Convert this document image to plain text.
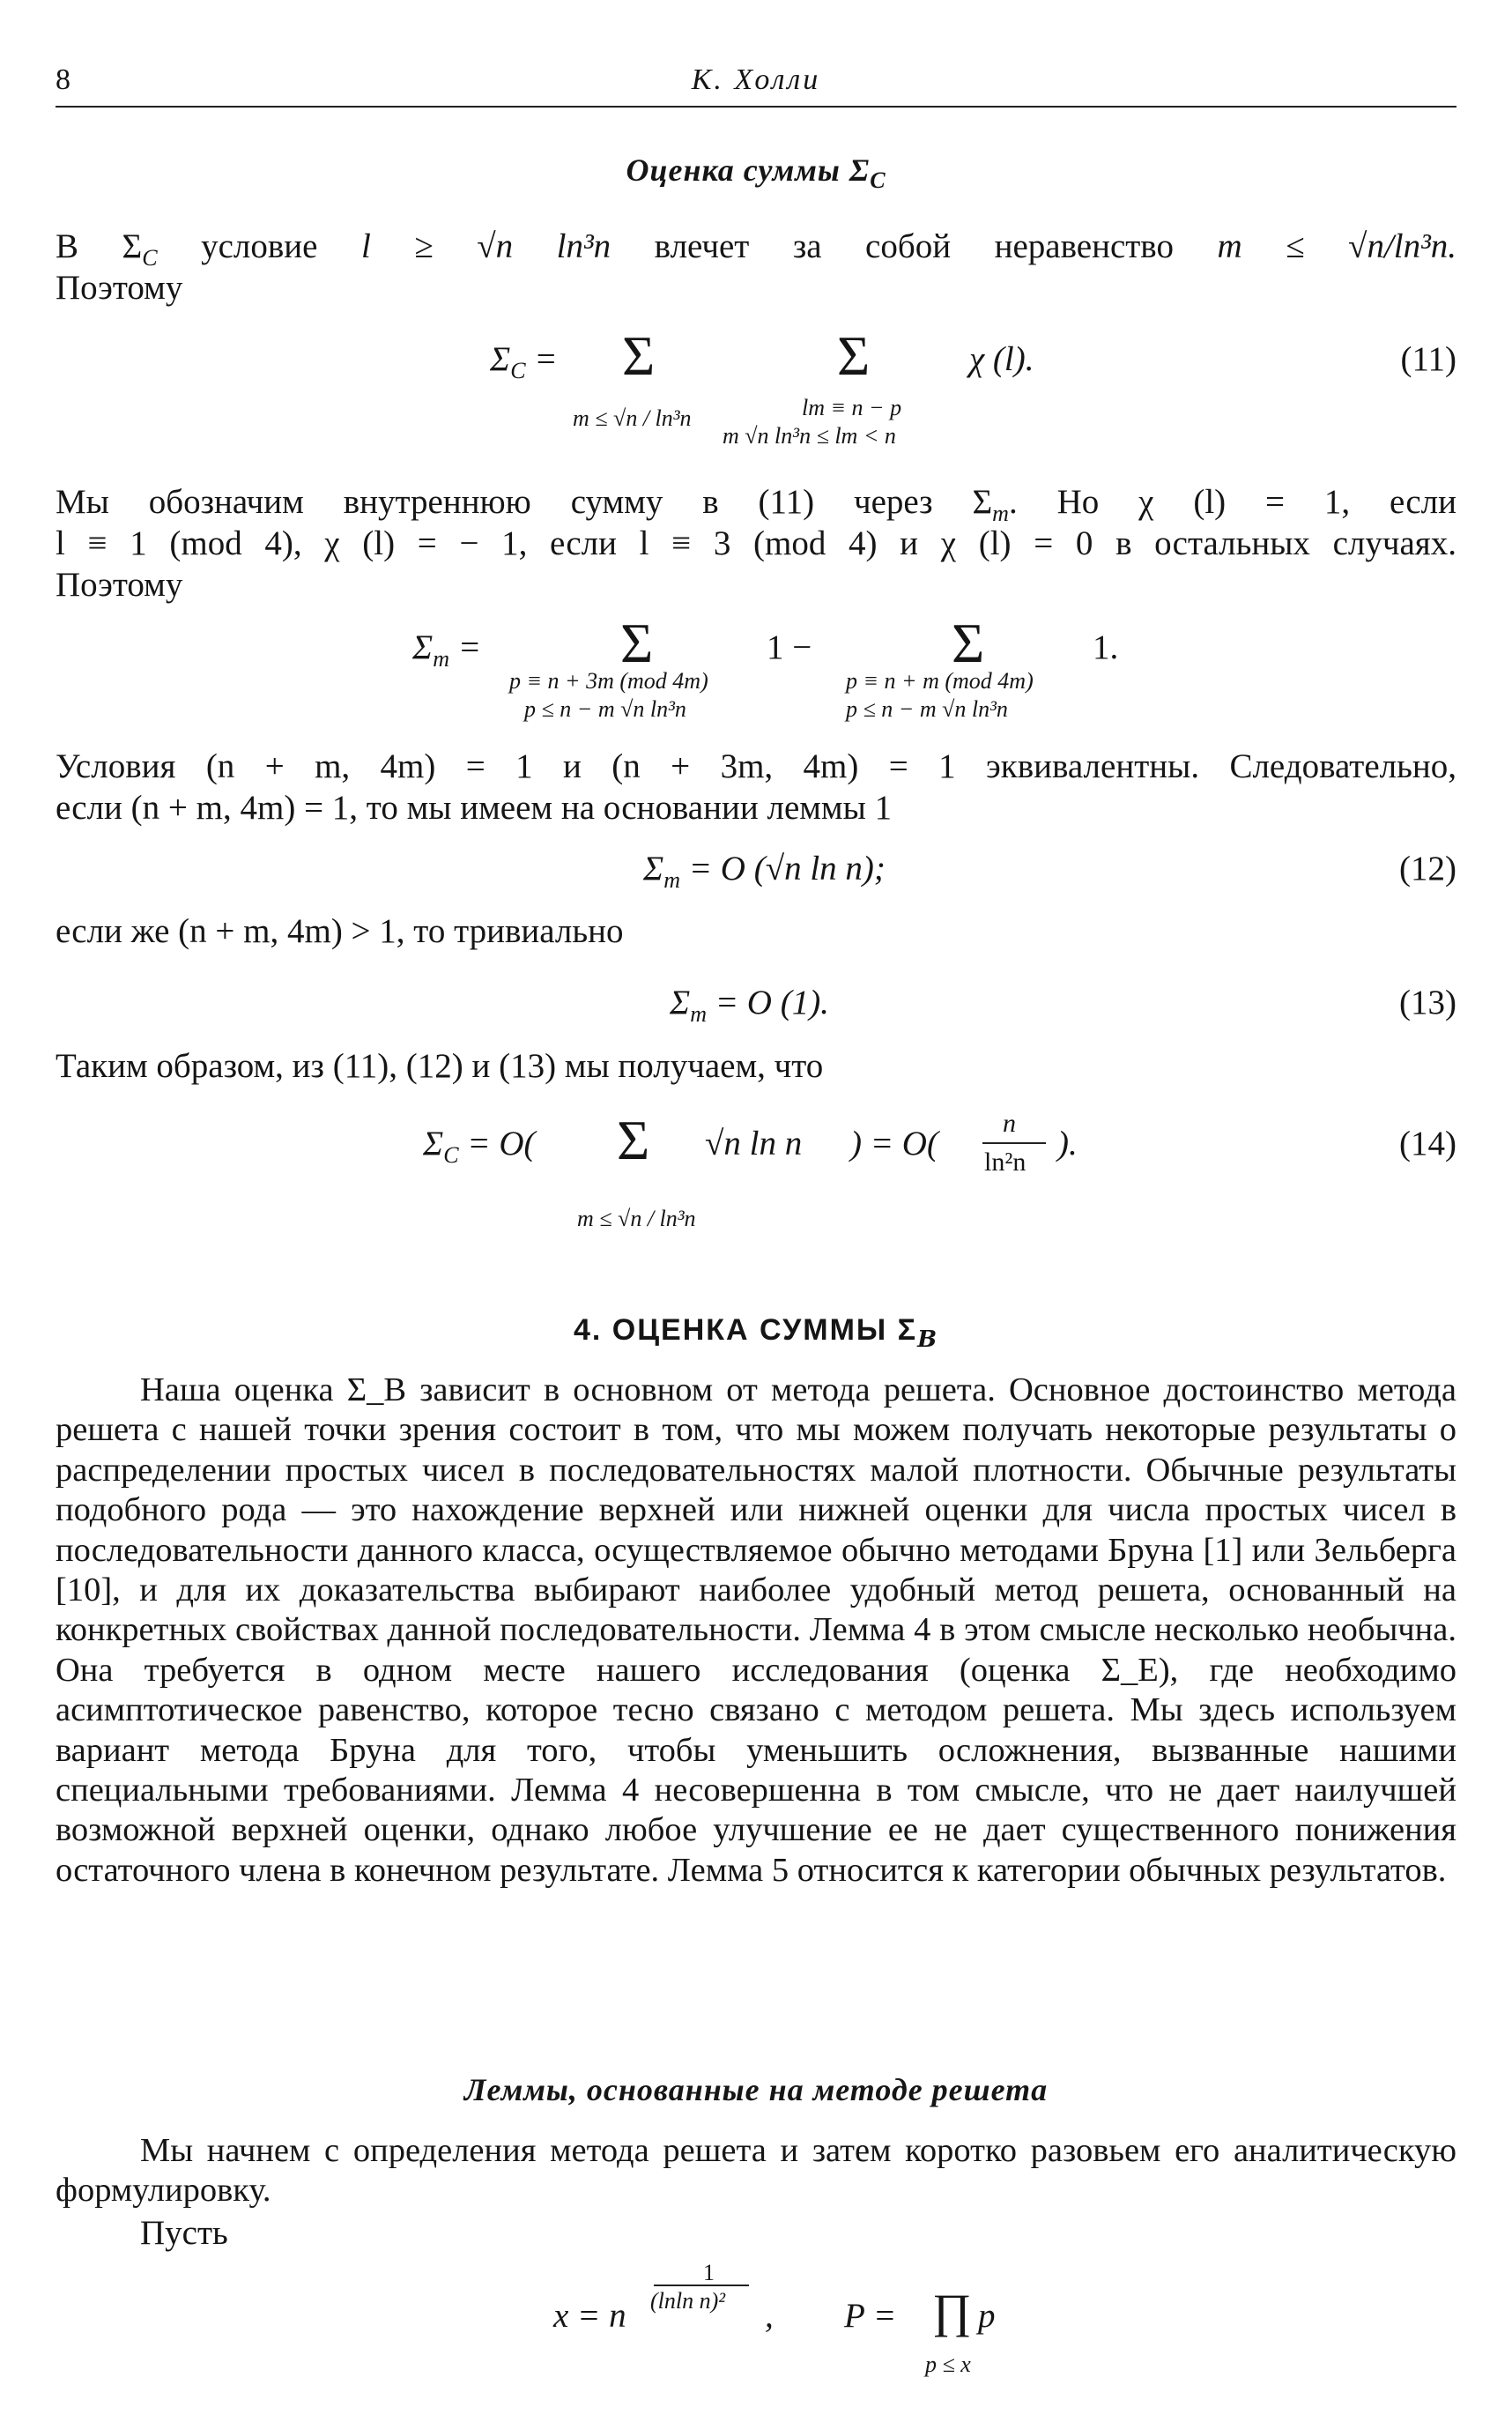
8	К. Холли
Оценка суммы $\Sigma_C$
В $\Sigma_C$ условие l ≥ √n ln³n влечет за собой неравенство m ≤ √n/ln³n.
Поэтому
$\Sigma_C = \Sigma$
m ≤ √n / ln³n
Σ
lm ≡ n − p
m √n ln³n ≤ lm < n
χ (l).	(11)
Мы обозначим внутреннюю сумму в (11) через $\Sigma_m$. Но χ (l) = 1, если
l ≡ 1 (mod 4), χ (l) = − 1, если l ≡ 3 (mod 4) и χ (l) = 0 в остальных случаях.
Поэтому
$\Sigma_m = \Sigma$
p ≡ n + 3m (mod 4m)
p ≤ n − m √n ln³n
1 − Σ
p ≡ n + m (mod 4m)
p ≤ n − m √n ln³n
1.
Условия (n + m, 4m) = 1 и (n + 3m, 4m) = 1 эквивалентны. Следовательно,
если (n + m, 4m) = 1, то мы имеем на основании леммы 1
$\Sigma_m = O$ (√n ln n);	(12)
если же (n + m, 4m) > 1, то тривиально
$\Sigma_m = O$ (1).	(13)
Таким образом, из (11), (12) и (13) мы получаем, что
$\Sigma_C = O$( Σ
m ≤ √n / ln³n
√n ln n ) = O(
n
ln²n ).	(14)
4. ОЦЕНКА СУММЫ $\Sigma_B$
Наша оценка Σ_B зависит в основном от метода решета. Основное достоинство метода решета с нашей точки зрения состоит в том, что мы можем получать некоторые результаты о распределении простых чисел в последовательностях малой плотности. Обычные результаты подобного рода — это нахождение верхней или нижней оценки для числа простых чисел в последовательности данного класса, осуществляемое обычно методами Бруна [1] или Зельберга [10], и для их доказательства выбирают наиболее удобный метод решета, основанный на конкретных свойствах данной последовательности. Лемма 4 в этом смысле несколько необычна. Она требуется в одном месте нашего исследования (оценка Σ_E), где необходимо асимптотическое равенство, которое тесно связано с методом решета. Мы здесь используем вариант метода Бруна для того, чтобы уменьшить осложнения, вызванные нашими специальными требованиями. Лемма 4 несовершенна в том смысле, что не дает наилучшей возможной верхней оценки, однако любое улучшение ее не дает существенного понижения остаточного члена в конечном результате. Лемма 5 относится к категории обычных результатов.
Леммы, основанные на методе решета
Мы начнем с определения метода решета и затем коротко разовьем его аналитическую формулировку.
Пусть
x = n
1
(lnln n)² , P = ∏ p
p ≤ x
